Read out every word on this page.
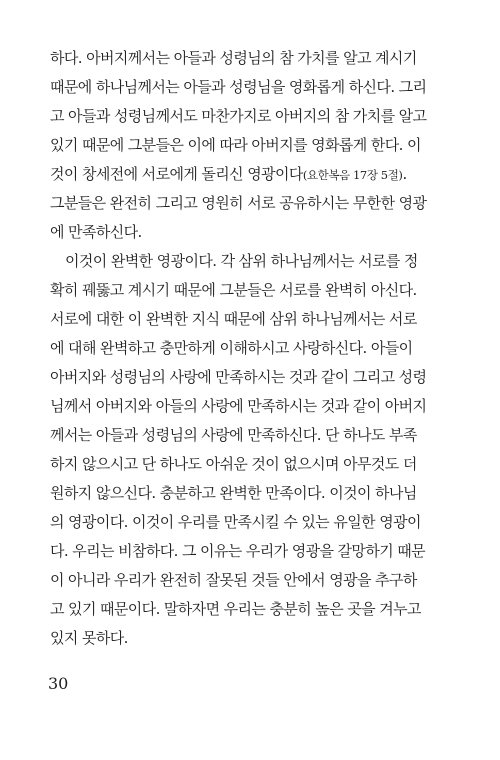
하다. 아버지께서는 아들과 성령님의 참 가치를 알고 계시기
때문에 하나님께서는 아들과 성령님을 영화롭게 하신다. 그리
고 아들과 성령님께서도 마찬가지로 아버지의 참 가치를 알고
있기 때문에 그분들은 이에 따라 아버지를 영화롭게 한다. 이
것이 창세전에 서로에게 돌리신 영광이다(요한복음 17장 5절).
그분들은 완전히 그리고 영원히 서로 공유하시는 무한한 영광
에 만족하신다.
이것이 완벽한 영광이다. 각 삼위 하나님께서는 서로를 정
확히 꿰뚫고 계시기 때문에 그분들은 서로를 완벽히 아신다.
서로에 대한 이 완벽한 지식 때문에 삼위 하나님께서는 서로
에 대해 완벽하고 충만하게 이해하시고 사랑하신다. 아들이
아버지와 성령님의 사랑에 만족하시는 것과 같이 그리고 성령
님께서 아버지와 아들의 사랑에 만족하시는 것과 같이 아버지
께서는 아들과 성령님의 사랑에 만족하신다. 단 하나도 부족
하지 않으시고 단 하나도 아쉬운 것이 없으시며 아무것도 더
원하지 않으신다. 충분하고 완벽한 만족이다. 이것이 하나님
의 영광이다. 이것이 우리를 만족시킬 수 있는 유일한 영광이
다. 우리는 비참하다. 그 이유는 우리가 영광을 갈망하기 때문
이 아니라 우리가 완전히 잘못된 것들 안에서 영광을 추구하
고 있기 때문이다. 말하자면 우리는 충분히 높은 곳을 겨누고
있지 못하다.
30
